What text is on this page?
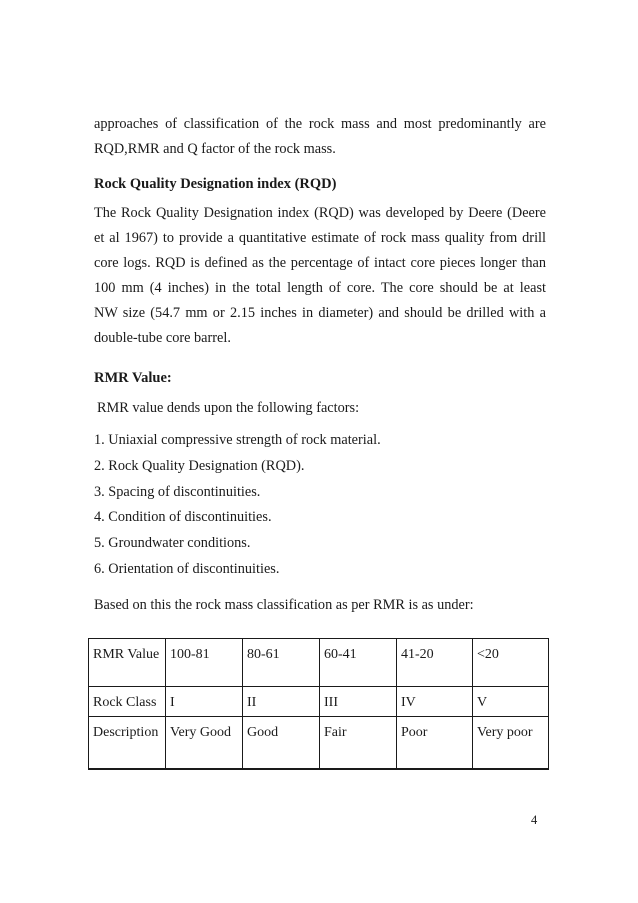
approaches of classification of the rock mass and most predominantly are
RQD,RMR and Q factor of the rock mass.
Rock Quality Designation index (RQD)
The Rock Quality Designation index (RQD) was developed by Deere (Deere
et al 1967) to provide a quantitative estimate of rock mass quality from drill
core logs. RQD is defined as the percentage of intact core pieces longer than
100 mm (4 inches) in the total length of core. The core should be at least
NW size (54.7 mm or 2.15 inches in diameter) and should be drilled with a
double-tube core barrel.
RMR Value:
RMR value dends upon the following factors:
1. Uniaxial compressive strength of rock material.
2. Rock Quality Designation (RQD).
3. Spacing of discontinuities.
4. Condition of discontinuities.
5. Groundwater conditions.
6. Orientation of discontinuities.
Based on this the rock mass classification as per RMR is as under:
RMR Value	100-81	80-61	60-41	41-20	<20
Rock Class	I	II	III	IV	V
Description	Very Good	Good	Fair	Poor	Very poor
4
